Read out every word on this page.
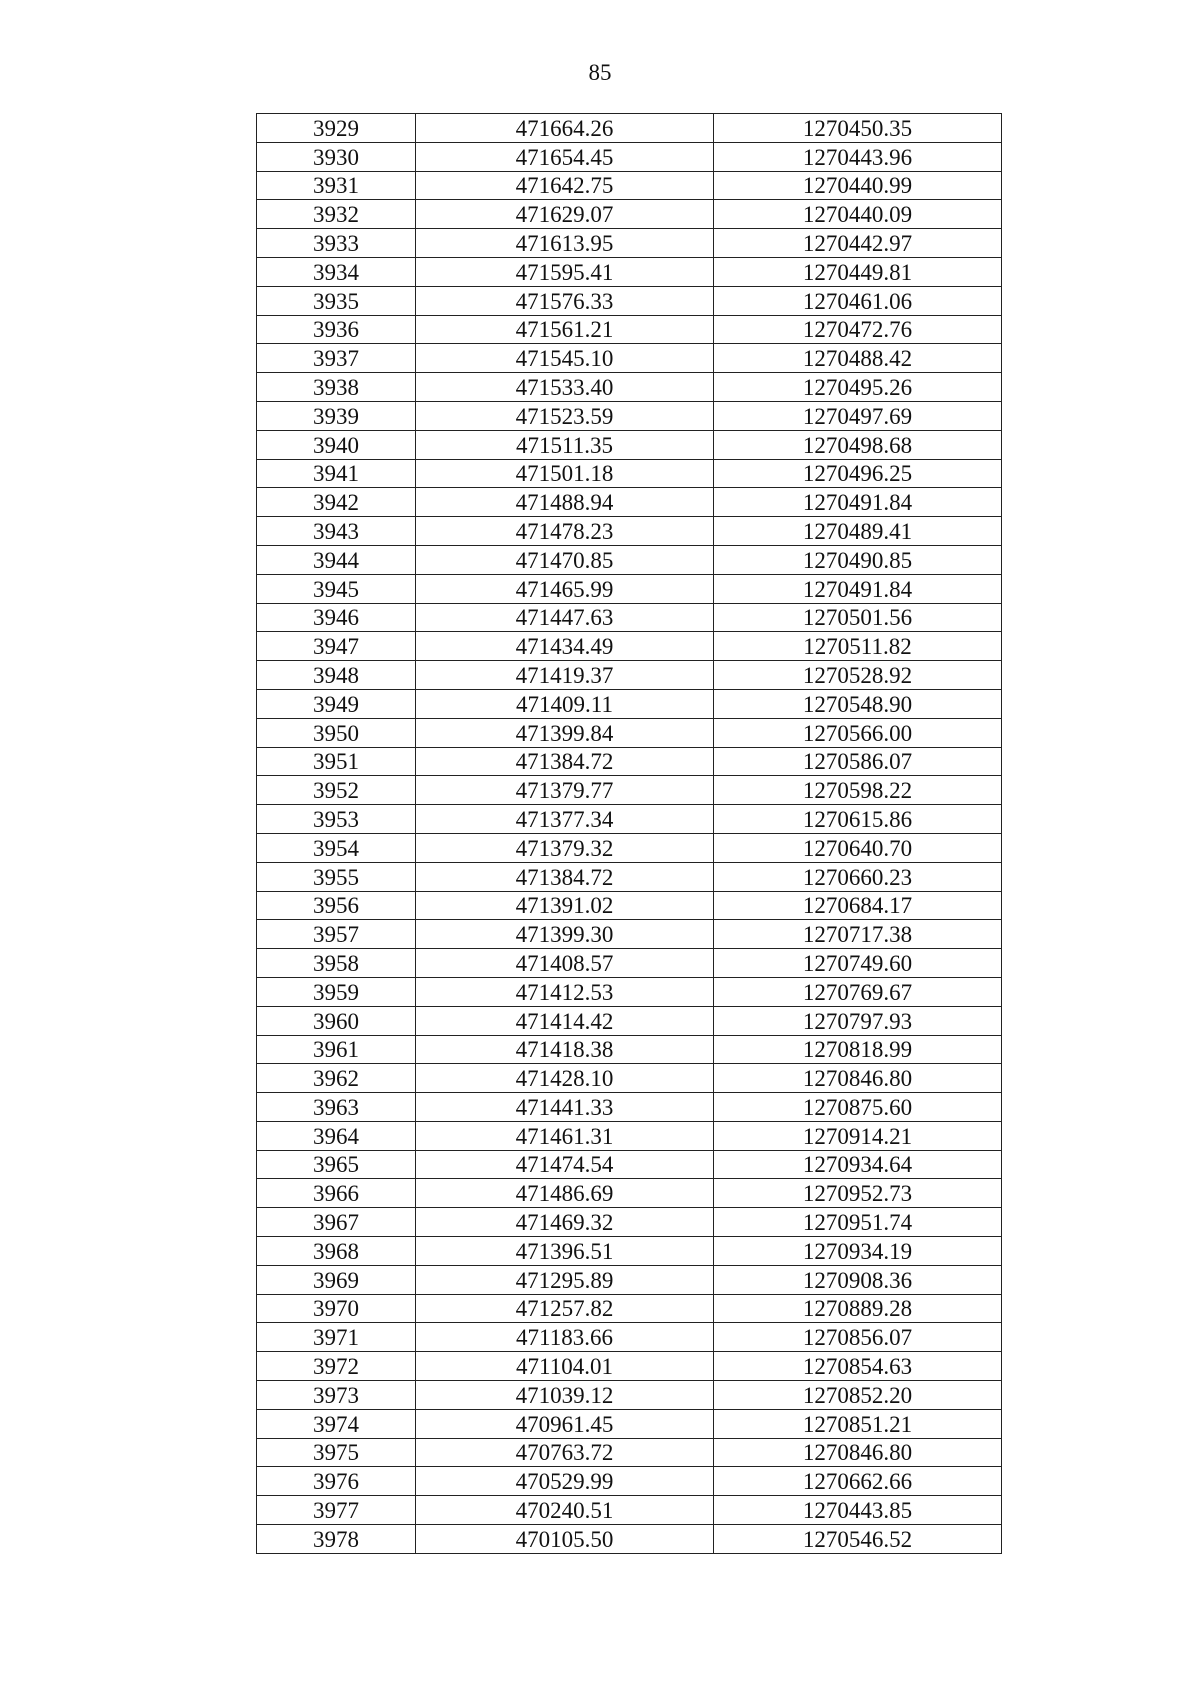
85
3929	471664.26	1270450.35
3930	471654.45	1270443.96
3931	471642.75	1270440.99
3932	471629.07	1270440.09
3933	471613.95	1270442.97
3934	471595.41	1270449.81
3935	471576.33	1270461.06
3936	471561.21	1270472.76
3937	471545.10	1270488.42
3938	471533.40	1270495.26
3939	471523.59	1270497.69
3940	471511.35	1270498.68
3941	471501.18	1270496.25
3942	471488.94	1270491.84
3943	471478.23	1270489.41
3944	471470.85	1270490.85
3945	471465.99	1270491.84
3946	471447.63	1270501.56
3947	471434.49	1270511.82
3948	471419.37	1270528.92
3949	471409.11	1270548.90
3950	471399.84	1270566.00
3951	471384.72	1270586.07
3952	471379.77	1270598.22
3953	471377.34	1270615.86
3954	471379.32	1270640.70
3955	471384.72	1270660.23
3956	471391.02	1270684.17
3957	471399.30	1270717.38
3958	471408.57	1270749.60
3959	471412.53	1270769.67
3960	471414.42	1270797.93
3961	471418.38	1270818.99
3962	471428.10	1270846.80
3963	471441.33	1270875.60
3964	471461.31	1270914.21
3965	471474.54	1270934.64
3966	471486.69	1270952.73
3967	471469.32	1270951.74
3968	471396.51	1270934.19
3969	471295.89	1270908.36
3970	471257.82	1270889.28
3971	471183.66	1270856.07
3972	471104.01	1270854.63
3973	471039.12	1270852.20
3974	470961.45	1270851.21
3975	470763.72	1270846.80
3976	470529.99	1270662.66
3977	470240.51	1270443.85
3978	470105.50	1270546.52
